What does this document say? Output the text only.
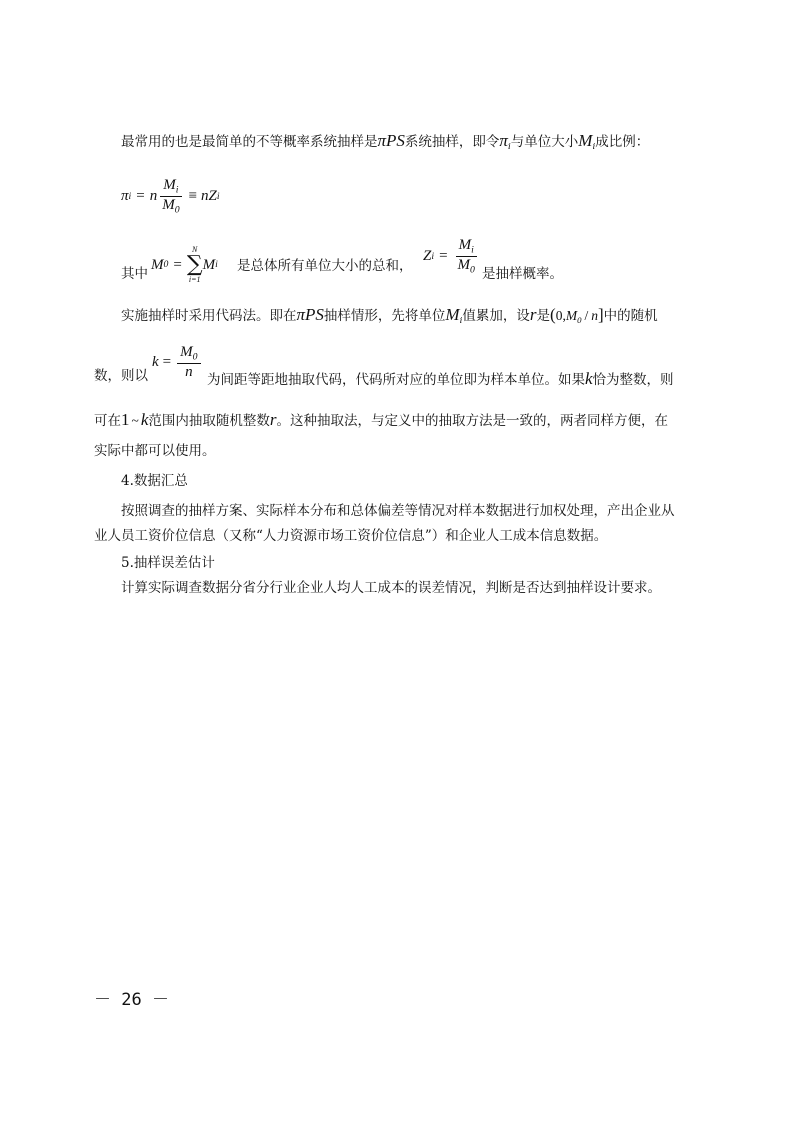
最常用的也是最简单的不等概率系统抽样是πPS系统抽样，即令$\pi_i$与单位大小$M_i$成比例：
π i = n $\frac{M_i}{M_0}$ ≡ nZ i
其中
M 0 =
N
∑
i=1
M i 是总体所有单位大小的总和，
Z $i = \frac{M_i}{M_0}$ 是抽样概率。
实施抽样时采用代码法。即在πPS抽样情形，先将单位$M_i$值累加，设r是$(0,M_0 / n]$中的随机
数，则以
$k = \frac{M_0}{n}$ 为间距等距地抽取代码，代码所对应的单位即为样本单位。如果k恰为整数，则
可在1 ~ k范围内抽取随机整数r。这种抽取法，与定义中的抽取方法是一致的，两者同样方便，在
实际中都可以使用。
4.数据汇总
按照调查的抽样方案、实际样本分布和总体偏差等情况对样本数据进行加权处理，产出企业从
业人员工资价位信息（又称“人力资源市场工资价位信息”）和企业人工成本信息数据。
5.抽样误差估计
计算实际调查数据分省分行业企业人均人工成本的误差情况，判断是否达到抽样设计要求。
－ 26 －
